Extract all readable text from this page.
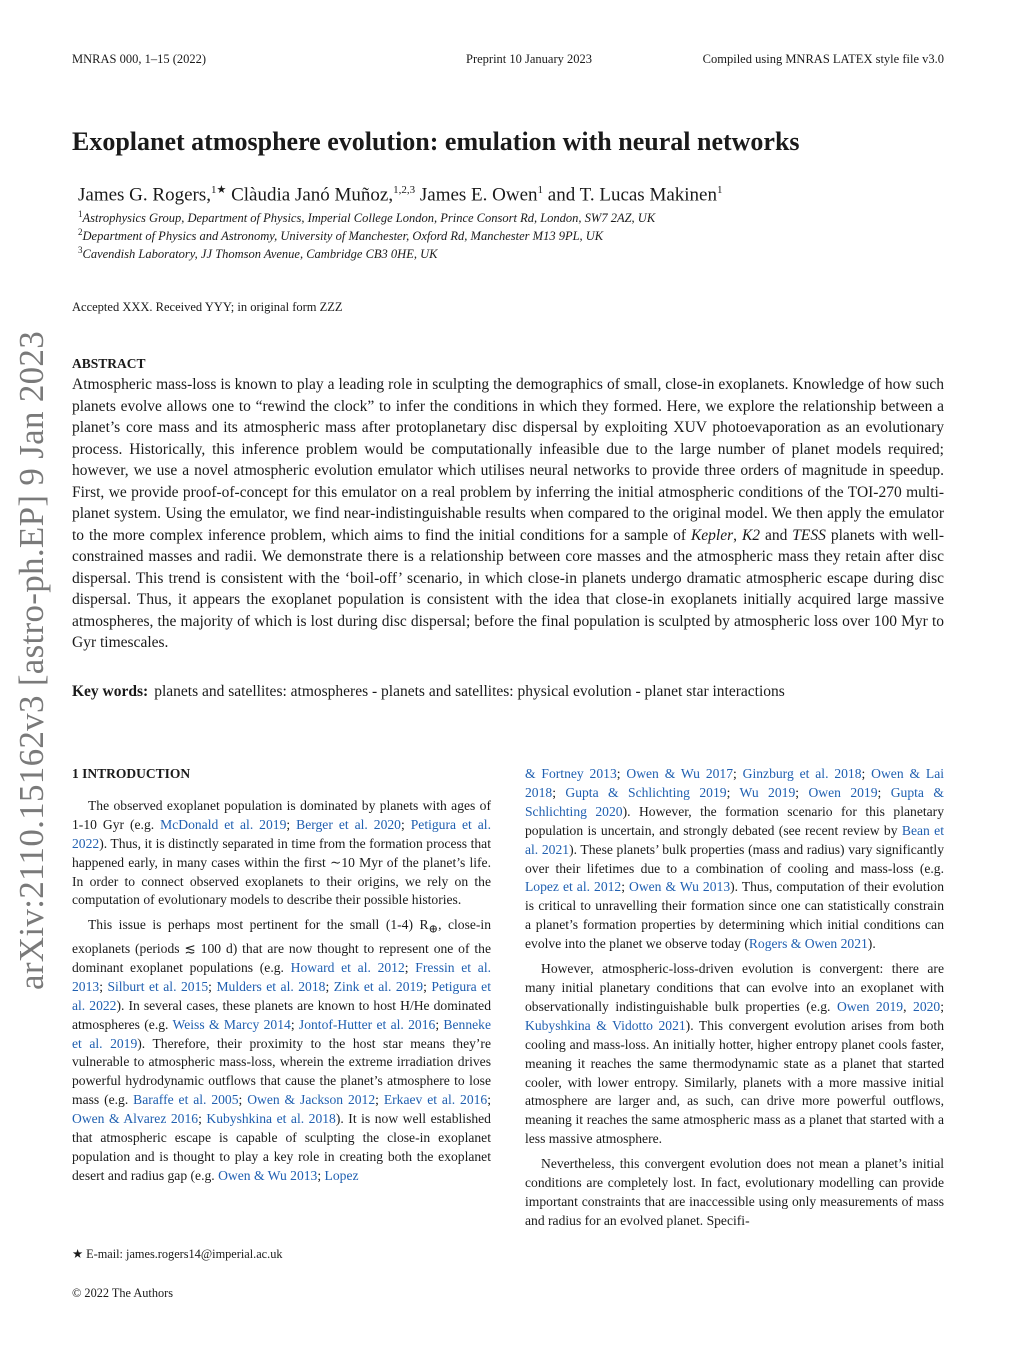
MNRAS 000, 1–15 (2022)	Preprint 10 January 2023	Compiled using MNRAS LATEX style file v3.0
arXiv:2110.15162v3 [astro-ph.EP] 9 Jan 2023
Exoplanet atmosphere evolution: emulation with neural networks
James G. Rogers,$^{1★}$ Clàudia Janó Muñoz,$^{1,2,3}$ James E. Owen$^1$ and T. Lucas Makinen$^1$
$^1$Astrophysics Group, Department of Physics, Imperial College London, Prince Consort Rd, London, SW7 2AZ, UK
$^2$Department of Physics and Astronomy, University of Manchester, Oxford Rd, Manchester M13 9PL, UK
$^3$Cavendish Laboratory, JJ Thomson Avenue, Cambridge CB3 0HE, UK
Accepted XXX. Received YYY; in original form ZZZ
ABSTRACT

Atmospheric mass-loss is known to play a leading role in sculpting the demographics of small, close-in exoplanets. Knowledge of how such planets evolve allows one to “rewind the clock” to infer the conditions in which they formed. Here, we explore the relationship between a planet’s core mass and its atmospheric mass after protoplanetary disc dispersal by exploiting XUV photoevaporation as an evolutionary process. Historically, this inference problem would be computationally infeasible due to the large number of planet models required; however, we use a novel atmospheric evolution emulator which utilises neural networks to provide three orders of magnitude in speedup. First, we provide proof-of-concept for this emulator on a real problem by inferring the initial atmospheric conditions of the TOI-270 multi-planet system. Using the emulator, we find near-indistinguishable results when compared to the original model. We then apply the emulator to the more complex inference problem, which aims to find the initial conditions for a sample of Kepler, K2 and TESS planets with well-constrained masses and radii. We demonstrate there is a relationship between core masses and the atmospheric mass they retain after disc dispersal. This trend is consistent with the ‘boil-off’ scenario, in which close-in planets undergo dramatic atmospheric escape during disc dispersal. Thus, it appears the exoplanet population is consistent with the idea that close-in exoplanets initially acquired large massive atmospheres, the majority of which is lost during disc dispersal; before the final population is sculpted by atmospheric loss over 100 Myr to Gyr timescales.

Key words: planets and satellites: atmospheres - planets and satellites: physical evolution - planet star interactions

1 INTRODUCTION

The observed exoplanet population is dominated by planets with ages of 1-10 Gyr (e.g. McDonald et al. 2019; Berger et al. 2020; Petigura et al. 2022). Thus, it is distinctly separated in time from the formation process that happened early, in many cases within the first ∼10 Myr of the planet’s life. In order to connect observed exoplanets to their origins, we rely on the computation of evolutionary models to describe their possible histories.

This issue is perhaps most pertinent for the small (1-4) $R_\oplus$, close-in exoplanets (periods ≲ 100 d) that are now thought to represent one of the dominant exoplanet populations (e.g. Howard et al. 2012; Fressin et al. 2013; Silburt et al. 2015; Mulders et al. 2018; Zink et al. 2019; Petigura et al. 2022). In several cases, these planets are known to host H/He dominated atmospheres (e.g. Weiss & Marcy 2014; Jontof-Hutter et al. 2016; Benneke et al. 2019). Therefore, their proximity to the host star means they’re vulnerable to atmospheric mass-loss, wherein the extreme irradiation drives powerful hydrodynamic outflows that cause the planet’s atmosphere to lose mass (e.g. Baraffe et al. 2005; Owen & Jackson 2012; Erkaev et al. 2016; Owen & Alvarez 2016; Kubyshkina et al. 2018). It is now well established that atmospheric escape is capable of sculpting the close-in exoplanet population and is thought to play a key role in creating both the exoplanet desert and radius gap (e.g. Owen & Wu 2013; Lopez

& Fortney 2013; Owen & Wu 2017; Ginzburg et al. 2018; Owen & Lai 2018; Gupta & Schlichting 2019; Wu 2019; Owen 2019; Gupta & Schlichting 2020). However, the formation scenario for this planetary population is uncertain, and strongly debated (see recent review by Bean et al. 2021). These planets’ bulk properties (mass and radius) vary significantly over their lifetimes due to a combination of cooling and mass-loss (e.g. Lopez et al. 2012; Owen & Wu 2013). Thus, computation of their evolution is critical to unravelling their formation since one can statistically constrain a planet’s formation properties by determining which initial conditions can evolve into the planet we observe today (Rogers & Owen 2021).

However, atmospheric-loss-driven evolution is convergent: there are many initial planetary conditions that can evolve into an exoplanet with observationally indistinguishable bulk properties (e.g. Owen 2019, 2020; Kubyshkina & Vidotto 2021). This convergent evolution arises from both cooling and mass-loss. An initially hotter, higher entropy planet cools faster, meaning it reaches the same thermodynamic state as a planet that started cooler, with lower entropy. Similarly, planets with a more massive initial atmosphere are larger and, as such, can drive more powerful outflows, meaning it reaches the same atmospheric mass as a planet that started with a less massive atmosphere.

Nevertheless, this convergent evolution does not mean a planet’s initial conditions are completely lost. In fact, evolutionary modelling can provide important constraints that are inaccessible using only measurements of mass and radius for an evolved planet. Specifi-

★ E-mail: james.rogers14@imperial.ac.uk
© 2022 The Authors
